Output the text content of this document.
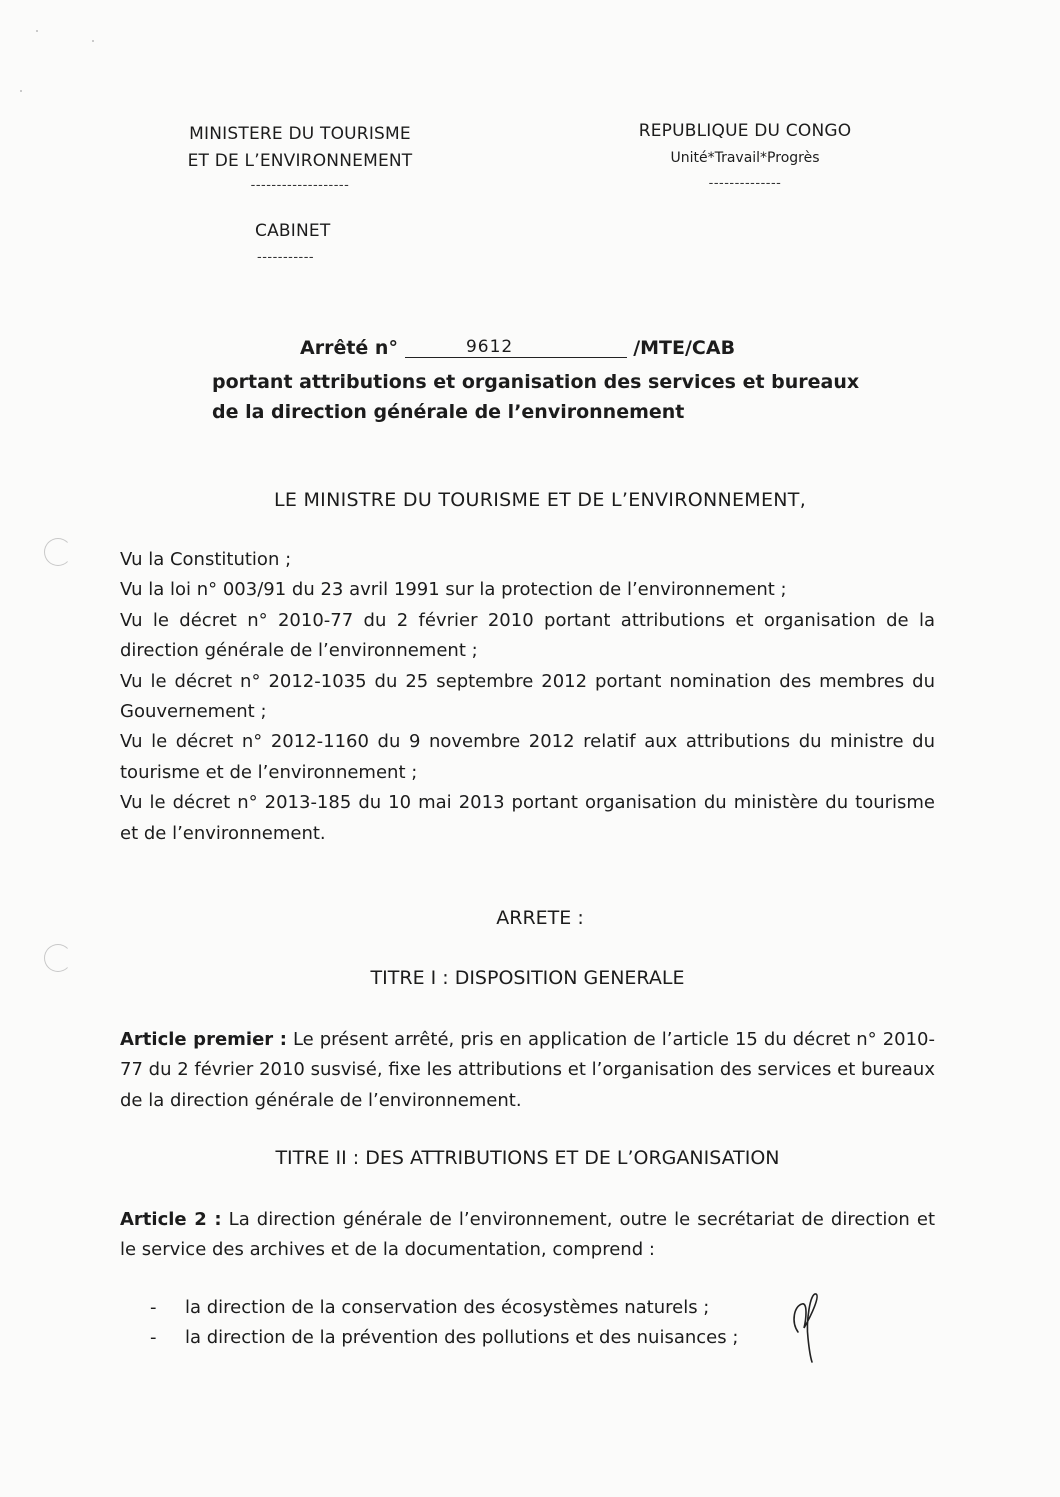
MINISTERE DU TOURISME
ET DE L’ENVIRONNEMENT
-------------------
CABINET
-----------
REPUBLIQUE DU CONGO
Unité*Travail*Progrès
--------------
Arrêté n°	9612	/MTE/CAB
portant attributions et organisation des services et bureaux
de la direction générale de l’environnement
LE MINISTRE DU TOURISME ET DE L’ENVIRONNEMENT,
Vu la Constitution ;
Vu la loi n° 003/91 du 23 avril 1991 sur la protection de l’environnement ;
Vu le décret n° 2010-77 du 2 février 2010 portant attributions et organisation de la direction générale de l’environnement ;
Vu le décret n° 2012-1035 du 25 septembre 2012 portant nomination des membres du Gouvernement ;
Vu le décret n° 2012-1160 du 9 novembre 2012 relatif aux attributions du ministre du tourisme et de l’environnement ;
Vu le décret n° 2013-185 du 10 mai 2013 portant organisation du ministère du tourisme et de l’environnement.
ARRETE :
TITRE I : DISPOSITION GENERALE
Article premier : Le présent arrêté, pris en application de l’article 15 du décret n° 2010-77 du 2 février 2010 susvisé, fixe les attributions et l’organisation des services et bureaux de la direction générale de l’environnement.
TITRE II : DES ATTRIBUTIONS ET DE L’ORGANISATION
Article 2 : La direction générale de l’environnement, outre le secrétariat de direction et le service des archives et de la documentation, comprend :
- la direction de la conservation des écosystèmes naturels ;
- la direction de la prévention des pollutions et des nuisances ;
